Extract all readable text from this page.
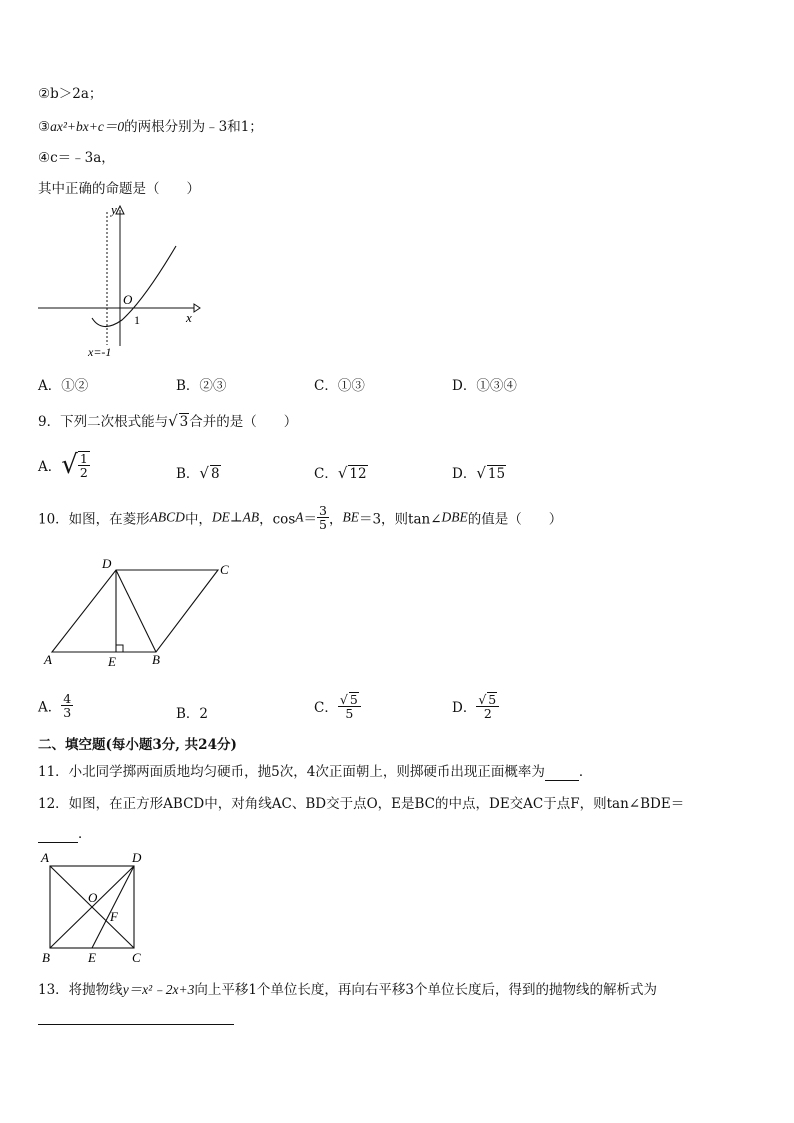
②b＞2a；
③ax²+bx+c＝0的两根分别为﹣3和1；
④c＝﹣3a，
其中正确的命题是（　　）
y
x
O
1
x=-1
A．①②	B．②③	C．①③	D．①③④
9．下列二次根式能与√ 3合并的是（　　）
A．√ $\frac{1}{2}$	B．√ 8	C．√ 12	D．√ 15
10．如图，在菱形ABCD中，DE⊥AB，$\cos A= \frac{3}{5}$ ，BE＝3，则tan∠DBE的值是（　　）
A	E	B
C
D
A． $\frac{4}{3}$	B．2	C． $\frac{√ 5}{5}$	D． $\frac{√ 5}{2}$
二、填空题(每小题3分, 共24分)
11．小北同学掷两面质地均匀硬币，抛5次，4次正面朝上，则掷硬币出现正面概率为	．
12．如图，在正方形ABCD中，对角线AC、BD交于点O，E是BC的中点，DE交AC于点F，则tan∠BDE＝
．
A	D
B	E	C
O
F
13．将抛物线y＝x²﹣2x+3向上平移1个单位长度，再向右平移3个单位长度后，得到的抛物线的解析式为
